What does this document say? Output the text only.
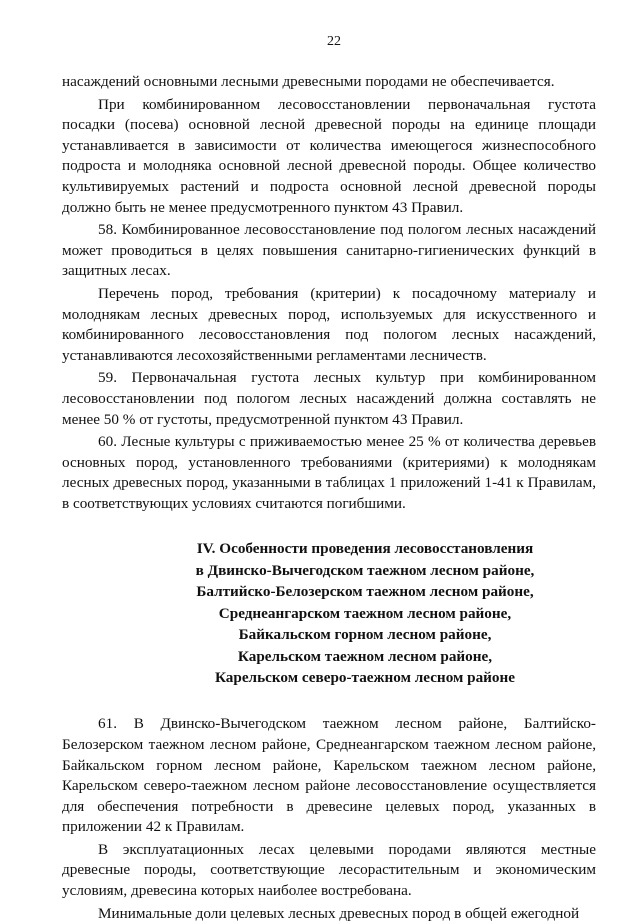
22

насаждений основными лесными древесными породами не обеспечивается.

При комбинированном лесовосстановлении первоначальная густота посадки (посева) основной лесной древесной породы на единице площади устанавливается в зависимости от количества имеющегося жизнеспособного подроста и молодняка основной лесной древесной породы. Общее количество культивируемых растений и подроста основной лесной древесной породы должно быть не менее предусмотренного пунктом 43 Правил.

58. Комбинированное лесовосстановление под пологом лесных насаждений может проводиться в целях повышения санитарно-гигиенических функций в защитных лесах.

Перечень пород, требования (критерии) к посадочному материалу и молоднякам лесных древесных пород, используемых для искусственного и комбинированного лесовосстановления под пологом лесных насаждений, устанавливаются лесохозяйственными регламентами лесничеств.

59. Первоначальная густота лесных культур при комбинированном лесовосстановлении под пологом лесных насаждений должна составлять не менее 50 % от густоты, предусмотренной пунктом 43 Правил.

60. Лесные культуры с приживаемостью менее 25 % от количества деревьев основных пород, установленного требованиями (критериями) к молоднякам лесных древесных пород, указанными в таблицах 1 приложений 1-41 к Правилам, в соответствующих условиях считаются погибшими.

IV. Особенности проведения лесовосстановления
в Двинско-Вычегодском таежном лесном районе,
Балтийско-Белозерском таежном лесном районе,
Среднеангарском таежном лесном районе,
Байкальском горном лесном районе,
Карельском таежном лесном районе,
Карельском северо-таежном лесном районе

61. В Двинско-Вычегодском таежном лесном районе, Балтийско-Белозерском таежном лесном районе, Среднеангарском таежном лесном районе, Байкальском горном лесном районе, Карельском таежном лесном районе, Карельском северо-таежном лесном районе лесовосстановление осуществляется для обеспечения потребности в древесине целевых пород, указанных в приложении 42 к Правилам.

В эксплуатационных лесах целевыми породами являются местные древесные породы, соответствующие лесорастительным и экономическим условиям, древесина которых наиболее востребована.

Минимальные доли целевых лесных древесных пород в общей ежегодной
